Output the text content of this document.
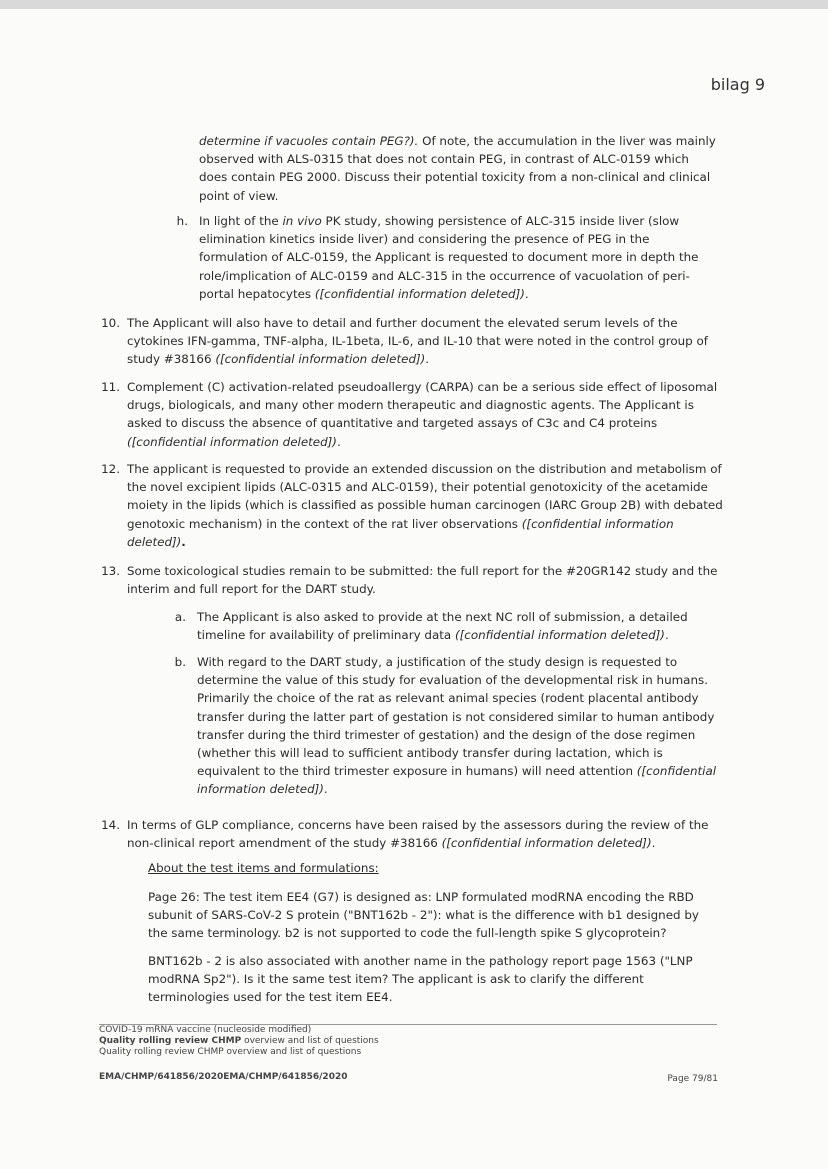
bilag 9

determine if vacuoles contain PEG?). Of note, the accumulation in the liver was mainly observed with ALS-0315 that does not contain PEG, in contrast of ALC-0159 which does contain PEG 2000. Discuss their potential toxicity from a non-clinical and clinical point of view.

h. In light of the in vivo PK study, showing persistence of ALC-315 inside liver (slow elimination kinetics inside liver) and considering the presence of PEG in the formulation of ALC-0159, the Applicant is requested to document more in depth the role/implication of ALC-0159 and ALC-315 in the occurrence of vacuolation of peri-portal hepatocytes ([confidential information deleted]).

10. The Applicant will also have to detail and further document the elevated serum levels of the cytokines IFN-gamma, TNF-alpha, IL-1beta, IL-6, and IL-10 that were noted in the control group of study #38166 ([confidential information deleted]).

11. Complement (C) activation-related pseudoallergy (CARPA) can be a serious side effect of liposomal drugs, biologicals, and many other modern therapeutic and diagnostic agents. The Applicant is asked to discuss the absence of quantitative and targeted assays of C3c and C4 proteins ([confidential information deleted]).

12. The applicant is requested to provide an extended discussion on the distribution and metabolism of the novel excipient lipids (ALC-0315 and ALC-0159), their potential genotoxicity of the acetamide moiety in the lipids (which is classified as possible human carcinogen (IARC Group 2B) with debated genotoxic mechanism) in the context of the rat liver observations ([confidential information deleted]).

13. Some toxicological studies remain to be submitted: the full report for the #20GR142 study and the interim and full report for the DART study.

a. The Applicant is also asked to provide at the next NC roll of submission, a detailed timeline for availability of preliminary data ([confidential information deleted]).

b. With regard to the DART study, a justification of the study design is requested to determine the value of this study for evaluation of the developmental risk in humans. Primarily the choice of the rat as relevant animal species (rodent placental antibody transfer during the latter part of gestation is not considered similar to human antibody transfer during the third trimester of gestation) and the design of the dose regimen (whether this will lead to sufficient antibody transfer during lactation, which is equivalent to the third trimester exposure in humans) will need attention ([confidential information deleted]).

14. In terms of GLP compliance, concerns have been raised by the assessors during the review of the non-clinical report amendment of the study #38166 ([confidential information deleted]).

About the test items and formulations:

Page 26: The test item EE4 (G7) is designed as: LNP formulated modRNA encoding the RBD subunit of SARS-CoV-2 S protein ("BNT162b - 2"): what is the difference with b1 designed by the same terminology. b2 is not supported to code the full-length spike S glycoprotein?

BNT162b - 2 is also associated with another name in the pathology report page 1563 ("LNP modRNA Sp2"). Is it the same test item? The applicant is ask to clarify the different terminologies used for the test item EE4.

COVID-19 mRNA vaccine (nucleoside modified)
Quality rolling review CHMP overview and list of questions
Quality rolling review CHMP overview and list of questions
EMA/CHMP/641856/2020EMA/CHMP/641856/2020	Page 79/81
